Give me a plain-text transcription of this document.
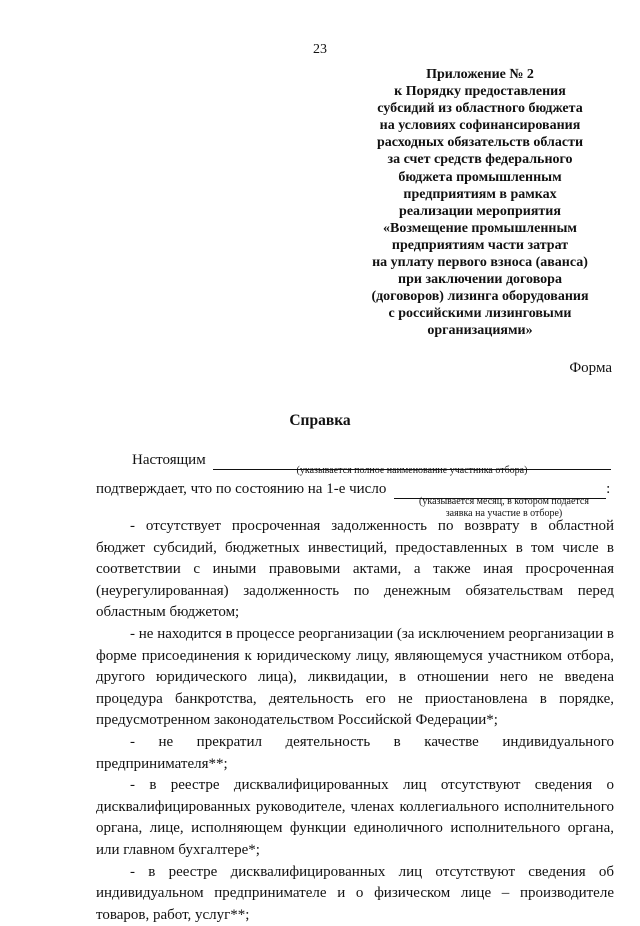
23
Приложение № 2
к Порядку предоставления
субсидий из областного бюджета
на условиях софинансирования
расходных обязательств области
за счет средств федерального
бюджета промышленным
предприятиям в рамках
реализации мероприятия
«Возмещение промышленным
предприятиям части затрат
на уплату первого взноса (аванса)
при заключении договора
(договоров) лизинга оборудования
с российскими лизинговыми
организациями»
Форма
Справка
Настоящим
(указывается полное наименование участника отбора)
подтверждает, что по состоянию на 1-е число	:
(указывается месяц, в котором подается
заявка на участие в отборе)

- отсутствует просроченная задолженность по возврату в областной бюджет субсидий, бюджетных инвестиций, предоставленных в том числе в соответствии с иными правовыми актами, а также иная просроченная (неурегулированная) задолженность по денежным обязательствам перед областным бюджетом;

- не находится в процессе реорганизации (за исключением реорганизации в форме присоединения к юридическому лицу, являющемуся участником отбора, другого юридического лица), ликвидации, в отношении него не введена процедура банкротства, деятельность его не приостановлена в порядке, предусмотренном законодательством Российской Федерации*;

- не прекратил деятельность в качестве индивидуального предпринимателя**;

- в реестре дисквалифицированных лиц отсутствуют сведения о дисквалифицированных руководителе, членах коллегиального исполнительного органа, лице, исполняющем функции единоличного исполнительного органа, или главном бухгалтере*;

- в реестре дисквалифицированных лиц отсутствуют сведения об индивидуальном предпринимателе и о физическом лице – производителе товаров, работ, услуг**;
